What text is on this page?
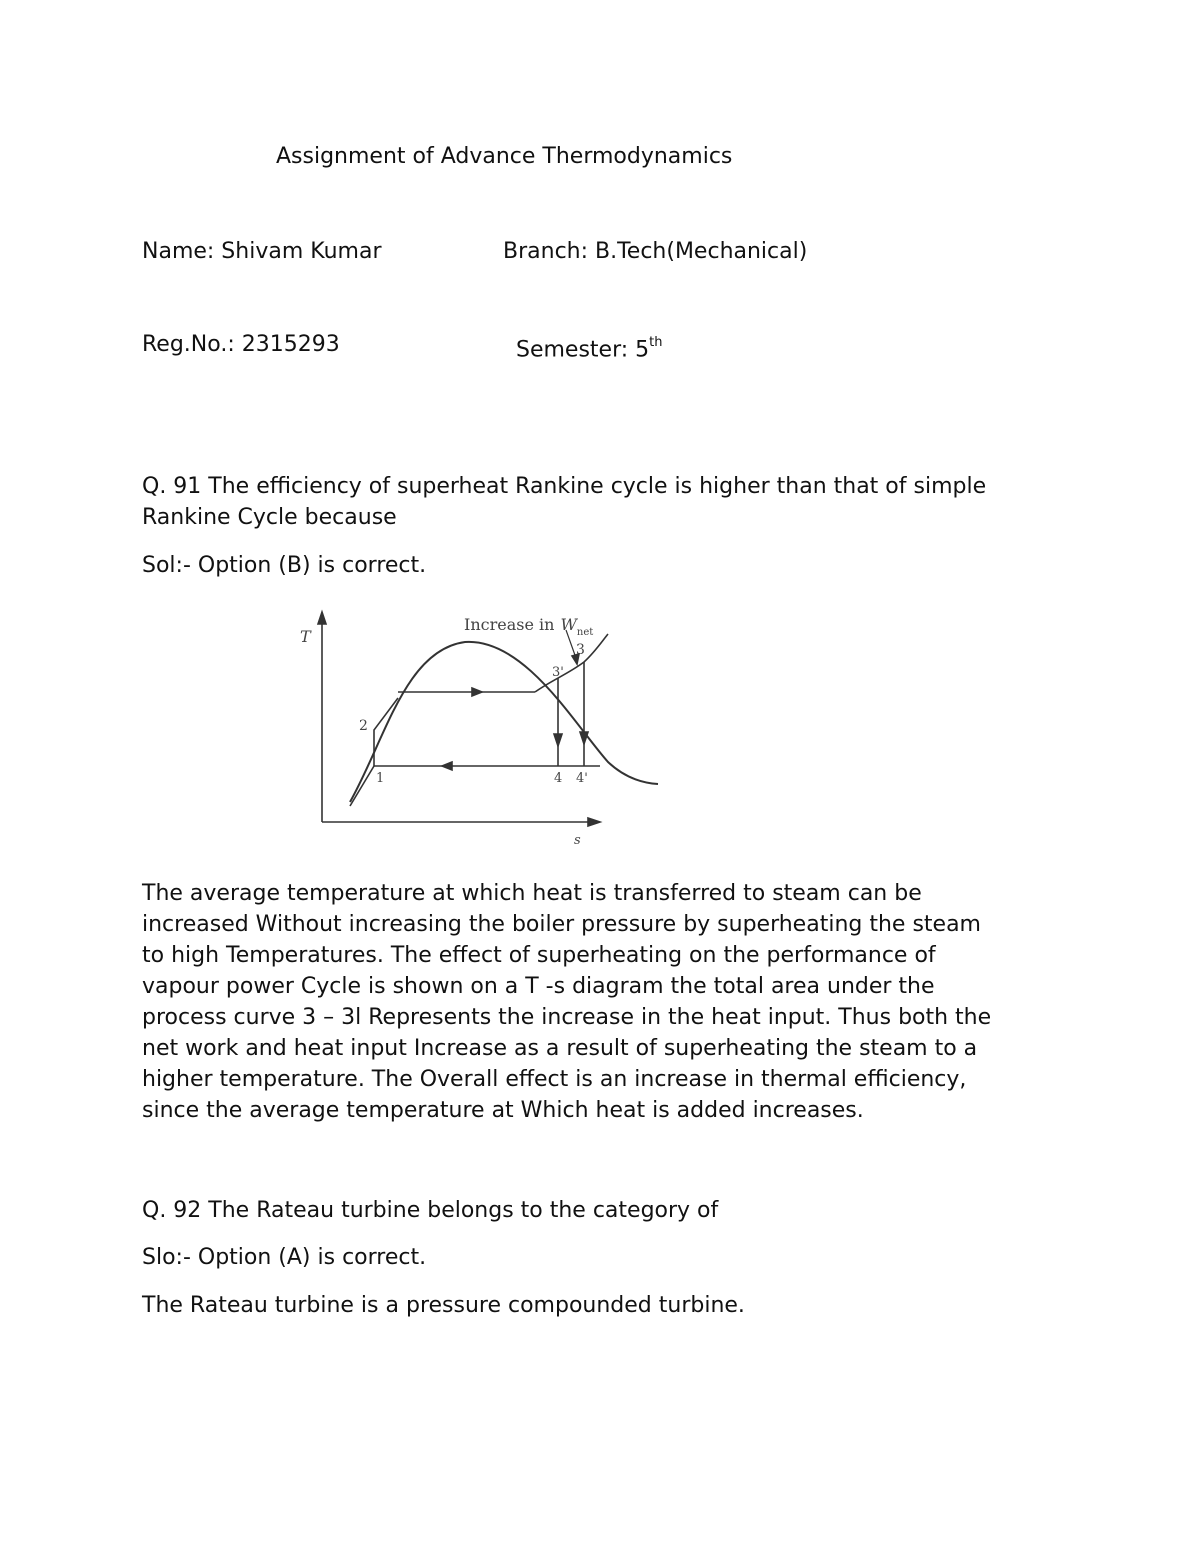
Assignment of Advance Thermodynamics

Name: Shivam Kumar	Branch: B.Tech(Mechanical)

Reg.No.: 2315293	Semester: 5th

Q. 91 The efficiency of superheat Rankine cycle is higher than that of simple

Rankine Cycle because

Sol:- Option (B) is correct.

T
s
Increase in $W_{net}$
1
2
3
3'
4 4'
The average temperature at which heat is transferred to steam can be
increased Without increasing the boiler pressure by superheating the steam
to high Temperatures. The effect of superheating on the performance of
vapour power Cycle is shown on a T -s diagram the total area under the
process curve 3 – 3l Represents the increase in the heat input. Thus both the
net work and heat input Increase as a result of superheating the steam to a
higher temperature. The Overall effect is an increase in thermal efficiency,
since the average temperature at Which heat is added increases.

Q. 92 The Rateau turbine belongs to the category of

Slo:- Option (A) is correct.

The Rateau turbine is a pressure compounded turbine.
